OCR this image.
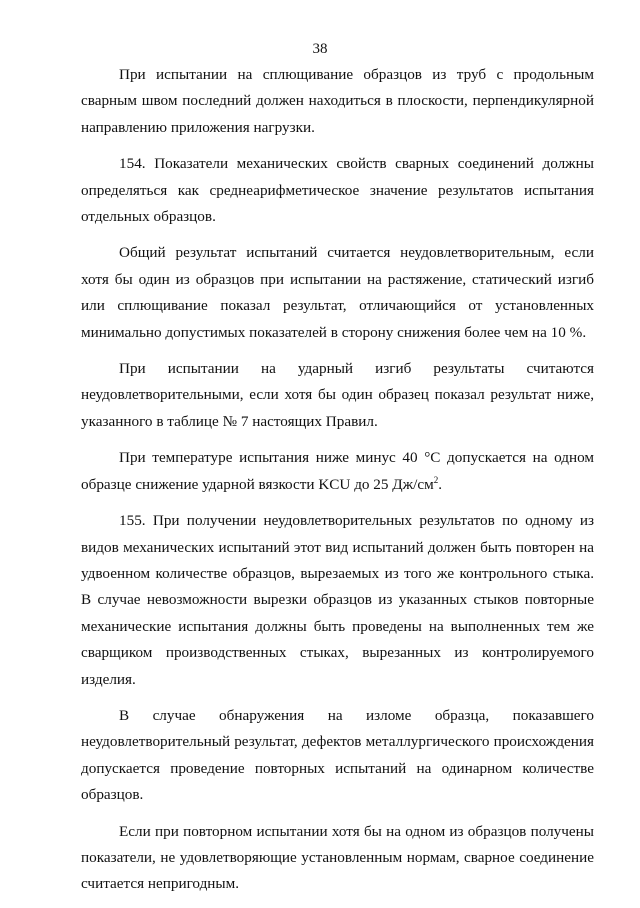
38

При испытании на сплющивание образцов из труб с продольным сварным швом последний должен находиться в плоскости, перпендикулярной направлению приложения нагрузки.

154. Показатели механических свойств сварных соединений должны определяться как среднеарифметическое значение результатов испытания отдельных образцов.

Общий результат испытаний считается неудовлетворительным, если хотя бы один из образцов при испытании на растяжение, статический изгиб или сплющивание показал результат, отличающийся от установленных минимально допустимых показателей в сторону снижения более чем на 10 %.

При испытании на ударный изгиб результаты считаются неудовлетворительными, если хотя бы один образец показал результат ниже, указанного в таблице № 7 настоящих Правил.

При температуре испытания ниже минус 40 °С допускается на одном образце снижение ударной вязкости KCU до 25 $Дж/см^2$.

155. При получении неудовлетворительных результатов по одному из видов механических испытаний этот вид испытаний должен быть повторен на удвоенном количестве образцов, вырезаемых из того же контрольного стыка. В случае невозможности вырезки образцов из указанных стыков повторные механические испытания должны быть проведены на выполненных тем же сварщиком производственных стыках, вырезанных из контролируемого изделия.

В случае обнаружения на изломе образца, показавшего неудовлетворительный результат, дефектов металлургического происхождения допускается проведение повторных испытаний на одинарном количестве образцов.

Если при повторном испытании хотя бы на одном из образцов получены показатели, не удовлетворяющие установленным нормам, сварное соединение считается непригодным.
